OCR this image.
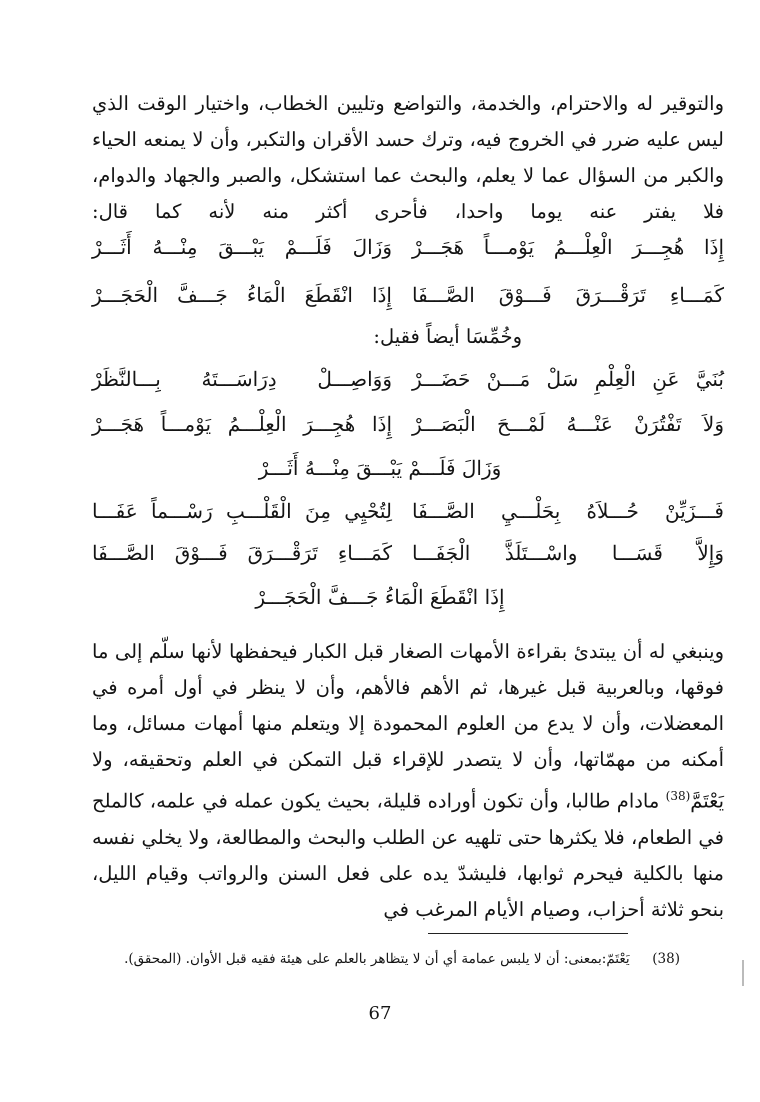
والتوقير له والاحترام، والخدمة، والتواضع وتليين الخطاب، واختيار الوقت الذي ليس عليه ضرر في الخروج فيه، وترك حسد الأقران والتكبر، وأن لا يمنعه الحياء والكبر من السؤال عما لا يعلم، والبحث عما استشكل، والصبر والجهاد والدوام، فلا يفتر عنه يوما واحدا، فأحرى أكثر منه لأنه كما قال:

إِذَا هُجِـــرَ الْعِلْـــمُ يَوْمـــاً هَجَـــرْ
وَزَالَ فَلَـــمْ يَبْـــقَ مِنْـــهُ أَثَـــرْ
كَمَـــاءِ تَرَقْـــرَقَ فَـــوْقَ الصَّـــفَا
إِذَا انْقَطَعَ الْمَاءُ جَـــفَّ الْحَجَـــرْ
وخُمِّسَا أيضاً فقيل:
بُنَيَّ عَنِ الْعِلْمِ سَلْ مَـــنْ حَضَـــرْ
وَوَاصِـــلْ دِرَاسَـــتَهُ بِـــالنَّظَرْ
وَلاَ تَفْتُرَنْ عَنْـــهُ لَمْـــحَ الْبَصَـــرْ
إِذَا هُجِـــرَ الْعِلْـــمُ يَوْمـــاً هَجَـــرْ
وَزَالَ فَلَـــمْ يَبْـــقَ مِنْـــهُ أَثَـــرْ
فَـــزَيِّنْ حُـــلاَهُ بِحَلْـــيِ الصَّـــفَا
لِتُحْيِي مِنَ الْقَلْـــبِ رَسْـــماً عَفَـــا
وَإِلاَّ قَسَـــا واسْـــتَلَذَّ الْجَفَـــا
كَمَـــاءِ تَرَقْـــرَقَ فَـــوْقَ الصَّـــفَا
إِذَا انْقَطَعَ الْمَاءُ جَـــفَّ الْحَجَـــرْ

وينبغي له أن يبتدئ بقراءة الأمهات الصغار قبل الكبار فيحفظها لأنها سلّم إلى ما فوقها، وبالعربية قبل غيرها، ثم الأهم فالأهم، وأن لا ينظر في أول أمره في المعضلات، وأن لا يدع من العلوم المحمودة إلا ويتعلم منها أمهات مسائل، وما أمكنه من مهمّاتها، وأن لا يتصدر للإقراء قبل التمكن في العلم وتحقيقه، ولا يَعْتَمَّ$^{(38)}$ مادام طالبا، وأن تكون أوراده قليلة، بحيث يكون عمله في علمه، كالملح في الطعام، فلا يكثرها حتى تلهيه عن الطلب والبحث والمطالعة، ولا يخلي نفسه منها بالكلية فيحرم ثوابها، فليشدّ يده على فعل السنن والرواتب وقيام الليل، بنحو ثلاثة أحزاب، وصيام الأيام المرغب في

(38)  يَعْتَمّ:بمعنى: أن لا يلبس عمامة أي أن لا يتظاهر بالعلم على هيئة فقيه قبل الأوان. (المحقق).
67
